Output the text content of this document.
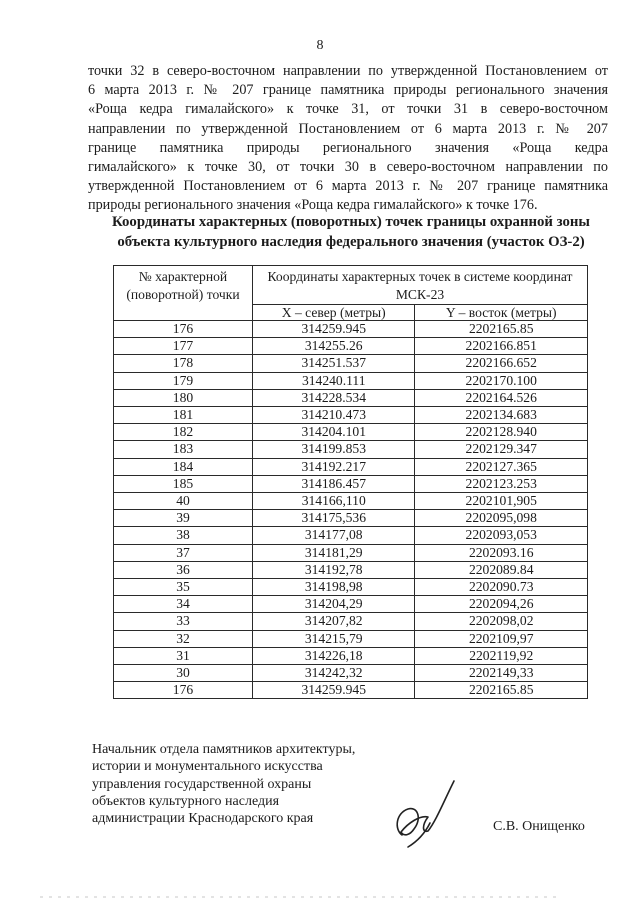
8
точки 32 в северо-восточном направлении по утвержденной Постановлением от
6 марта 2013 г. № 207 границе памятника природы регионального значения
«Роща кедра гималайского» к точке 31, от точки 31 в северо-восточном
направлении по утвержденной Постановлением от 6 марта 2013 г. № 207
границе памятника природы регионального значения «Роща кедра
гималайского» к точке 30, от точки 30 в северо-восточном направлении по
утвержденной Постановлением от 6 марта 2013 г. № 207 границе памятника
природы регионального значения «Роща кедра гималайского» к точке 176.
Координаты характерных (поворотных) точек границы охранной зоны
объекта культурного наследия федерального значения (участок ОЗ-2)
№ характерной (поворотной) точки	Координаты характерных точек в системе координат МСК-23	
	X – север (метры)	Y – восток (метры)
176	314259.945	2202165.85
177	314255.26	2202166.851
178	314251.537	2202166.652
179	314240.111	2202170.100
180	314228.534	2202164.526
181	314210.473	2202134.683
182	314204.101	2202128.940
183	314199.853	2202129.347
184	314192.217	2202127.365
185	314186.457	2202123.253
40	314166,110	2202101,905
39	314175,536	2202095,098
38	314177,08	2202093,053
37	314181,29	2202093.16
36	314192,78	2202089.84
35	314198,98	2202090.73
34	314204,29	2202094,26
33	314207,82	2202098,02
32	314215,79	2202109,97
31	314226,18	2202119,92
30	314242,32	2202149,33
176	314259.945	2202165.85
Начальник отдела памятников архитектуры,
истории и монументального искусства
управления государственной охраны
объектов культурного наследия
администрации Краснодарского края
С.В. Онищенко
